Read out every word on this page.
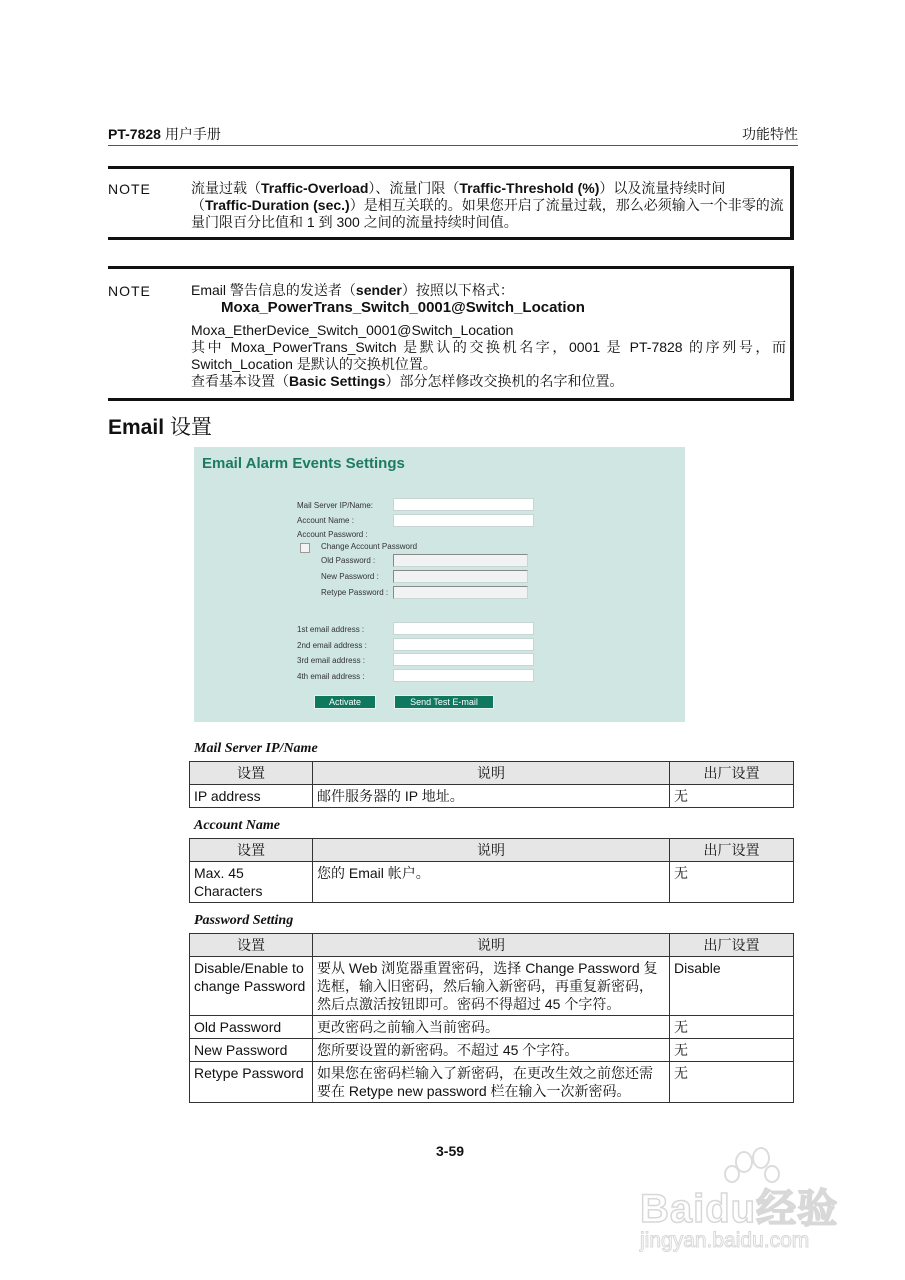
PT-7828 用户手册	功能特性
NOTE	流量过载（Traffic-Overload）、流量门限（Traffic-Threshold (%)）以及流量持续时间（Traffic-Duration (sec.)）是相互关联的。如果您开启了流量过载，那么必须输入一个非零的流量门限百分比值和 1 到 300 之间的流量持续时间值。
NOTE	Email 警告信息的发送者（sender）按照以下格式：
Moxa_PowerTrans_Switch_0001@Switch_Location
Moxa_EtherDevice_Switch_0001@Switch_Location
其中 Moxa_PowerTrans_Switch 是默认的交换机名字，0001 是 PT-7828 的序列号，而 Switch_Location 是默认的交换机位置。
查看基本设置（Basic Settings）部分怎样修改交换机的名字和位置。
Email 设置
Email Alarm Events Settings
Mail Server IP/Name:
Account Name :
Account Password :
Change Account Password
Old Password :
New Password :
Retype Password :
1st email address :
2nd email address :
3rd email address :
4th email address :
Activate	Send Test E-mail
Mail Server IP/Name
设置	说明	出厂设置
IP address	邮件服务器的 IP 地址。	无
Account Name
设置	说明	出厂设置
Max. 45 Characters	您的 Email 帐户。	无
Password Setting
设置	说明	出厂设置
Disable/Enable to change Password	要从 Web 浏览器重置密码，选择 Change Password 复选框，输入旧密码，然后输入新密码，再重复新密码，然后点激活按钮即可。密码不得超过 45 个字符。	Disable
Old Password	更改密码之前输入当前密码。	无
New Password	您所要设置的新密码。不超过 45 个字符。	无
Retype Password	如果您在密码栏输入了新密码，在更改生效之前您还需要在 Retype new password 栏在输入一次新密码。	无
3-59
Baidu经验
jingyan.baidu.com
